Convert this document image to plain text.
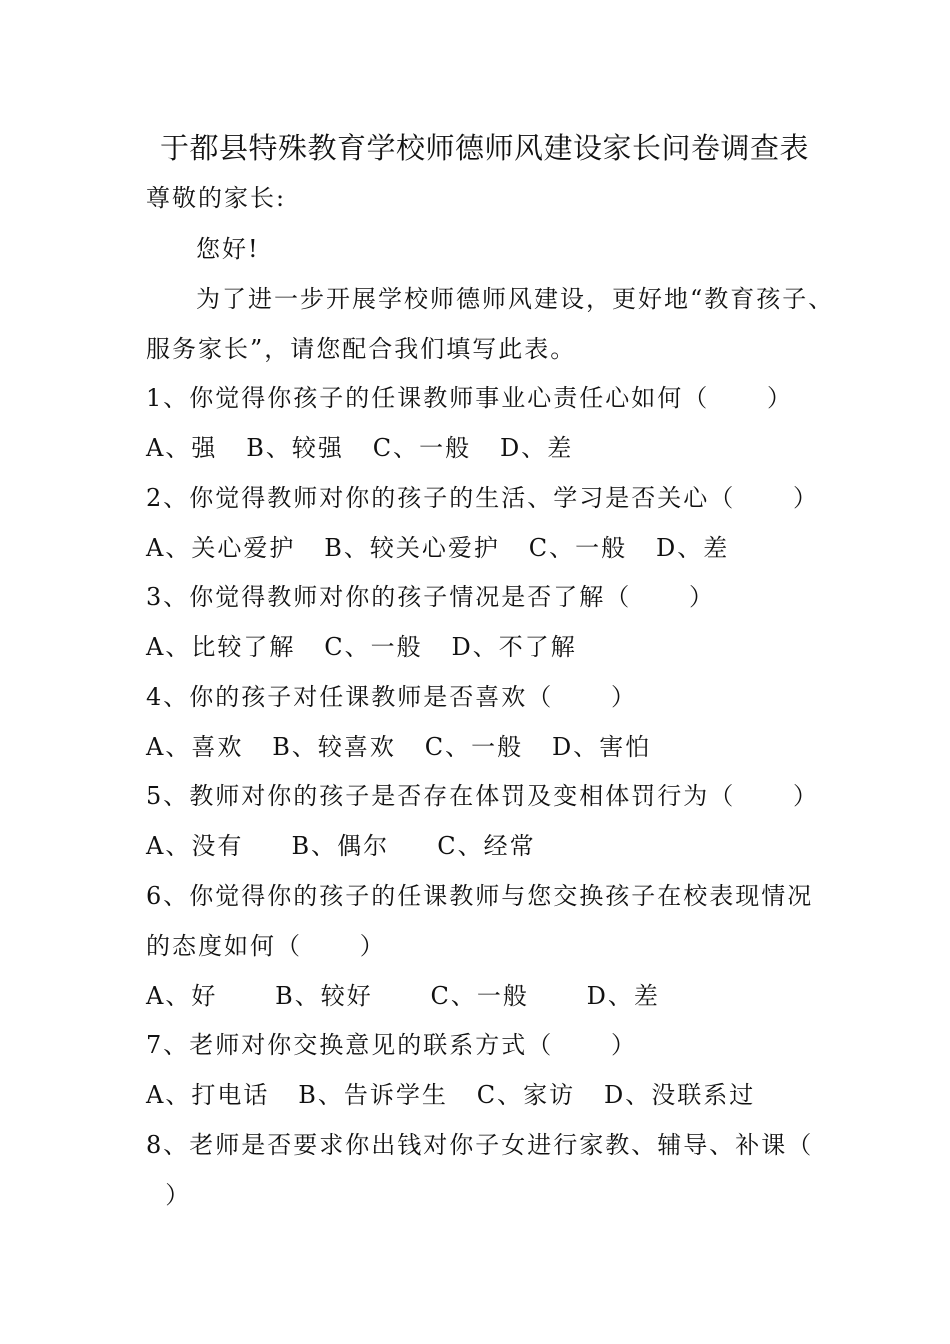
于都县特殊教育学校师德师风建设家长问卷调查表
尊敬的家长:
您好!
为了进一步开展学校师德师风建设，更好地“教育孩子、
服务家长”，请您配合我们填写此表。
1、你觉得你孩子的任课教师事业心责任心如何（      ）
A、强   B、较强   C、一般   D、差
2、你觉得教师对你的孩子的生活、学习是否关心（      ）
A、关心爱护   B、较关心爱护   C、一般   D、差
3、你觉得教师对你的孩子情况是否了解（      ）
A、比较了解   C、一般   D、不了解
4、你的孩子对任课教师是否喜欢（      ）
A、喜欢   B、较喜欢   C、一般   D、害怕
5、教师对你的孩子是否存在体罚及变相体罚行为（      ）
A、没有     B、偶尔     C、经常
6、你觉得你的孩子的任课教师与您交换孩子在校表现情况
的态度如何（      ）
A、好      B、较好      C、一般      D、差
7、老师对你交换意见的联系方式（      ）
A、打电话   B、告诉学生   C、家访   D、没联系过
8、老师是否要求你出钱对你子女进行家教、辅导、补课（
）
